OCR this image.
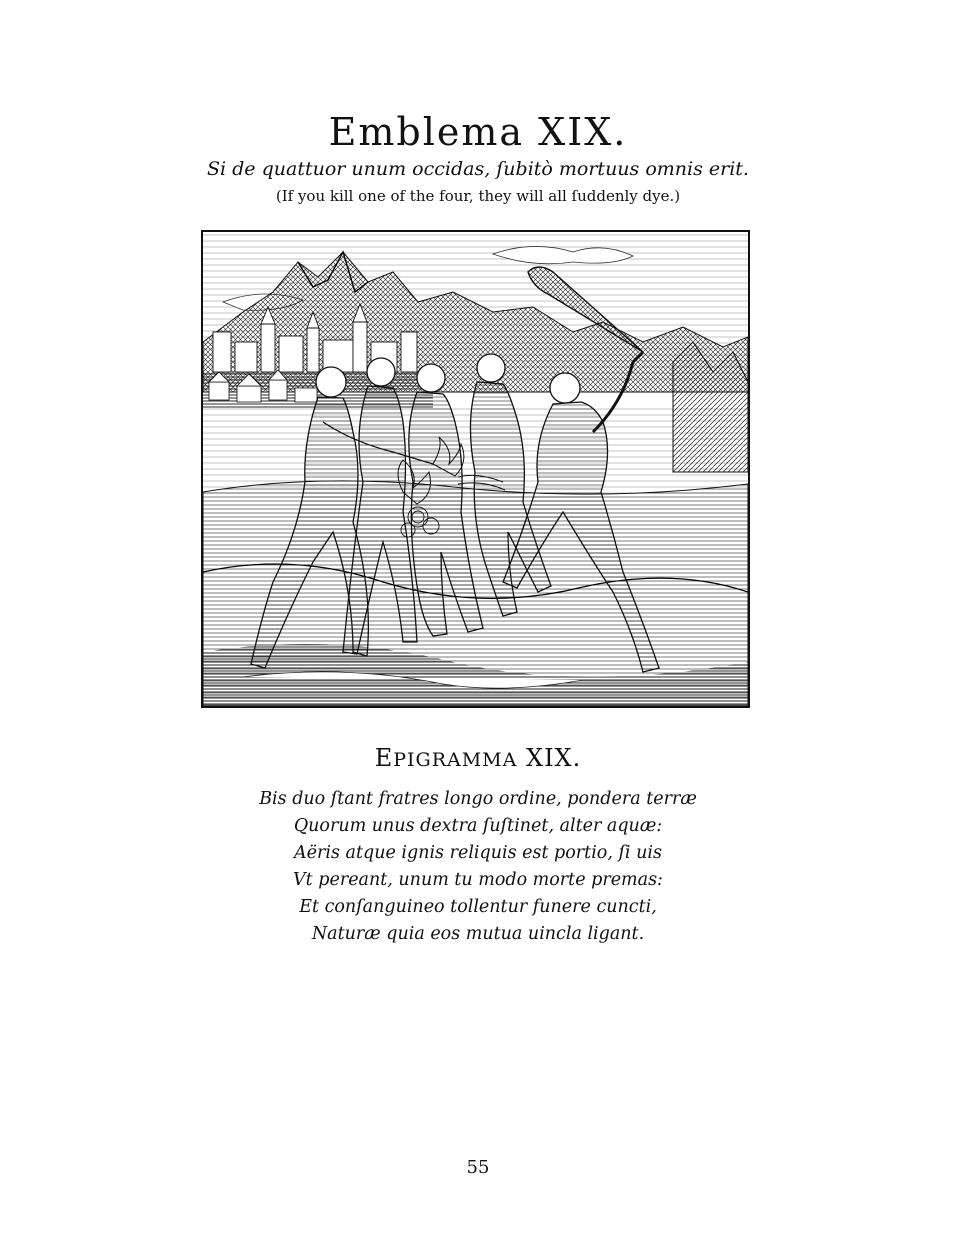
Emblema XIX.
Si de quattuor unum occidas, ſubitò mortuus omnis erit.
(If you kill one of the four, they will all ſuddenly dye.)
EPIGRAMMA XIX.
Bis duo ſtant fratres longo ordine, pondera terræ
Quorum unus dextra ſuſtinet, alter aquæ:
Aëris atque ignis reliquis est portio, ſi uis
Vt pereant, unum tu modo morte premas:
Et conſanguineo tollentur funere cuncti,
Naturæ quia eos mutua uincla ligant.
55
